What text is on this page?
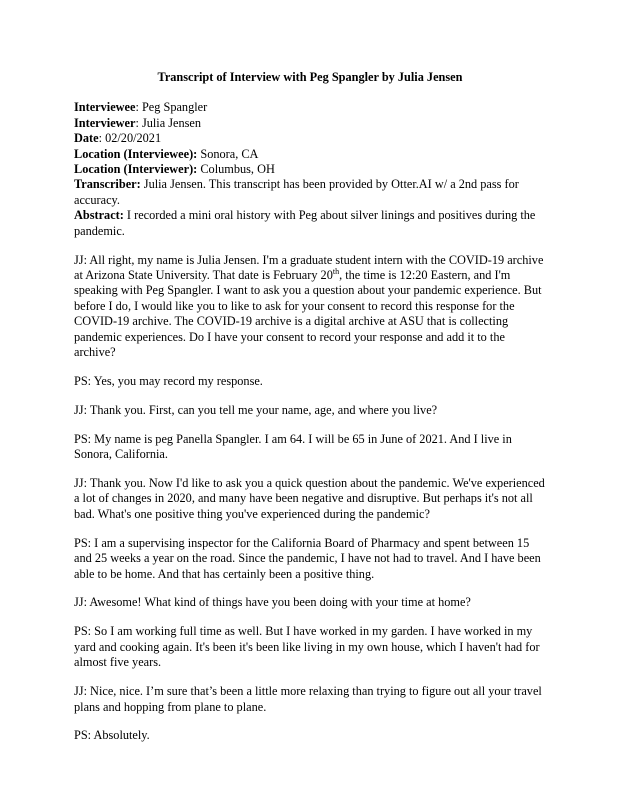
Transcript of Interview with Peg Spangler by Julia Jensen

Interviewee: Peg Spangler

Interviewer: Julia Jensen

Date: 02/20/2021

Location (Interviewee): Sonora, CA

Location (Interviewer): Columbus, OH

Transcriber: Julia Jensen. This transcript has been provided by Otter.AI w/ a 2nd pass for accuracy.

Abstract: I recorded a mini oral history with Peg about silver linings and positives during the pandemic.

JJ: All right, my name is Julia Jensen. I'm a graduate student intern with the COVID-19 archive at Arizona State University. That date is February 20th, the time is 12:20 Eastern, and I'm speaking with Peg Spangler. I want to ask you a question about your pandemic experience. But before I do, I would like you to like to ask for your consent to record this response for the COVID-19 archive. The COVID-19 archive is a digital archive at ASU that is collecting pandemic experiences. Do I have your consent to record your response and add it to the archive?

PS: Yes, you may record my response.

JJ: Thank you. First, can you tell me your name, age, and where you live?

PS: My name is peg Panella Spangler. I am 64. I will be 65 in June of 2021. And I live in Sonora, California.

JJ: Thank you. Now I'd like to ask you a quick question about the pandemic. We've experienced a lot of changes in 2020, and many have been negative and disruptive. But perhaps it's not all bad. What's one positive thing you've experienced during the pandemic?

PS: I am a supervising inspector for the California Board of Pharmacy and spent between 15 and 25 weeks a year on the road. Since the pandemic, I have not had to travel. And I have been able to be home. And that has certainly been a positive thing.

JJ: Awesome! What kind of things have you been doing with your time at home?

PS: So I am working full time as well. But I have worked in my garden. I have worked in my yard and cooking again. It's been it's been like living in my own house, which I haven't had for almost five years.

JJ: Nice, nice. I’m sure that’s been a little more relaxing than trying to figure out all your travel plans and hopping from plane to plane.

PS: Absolutely.
